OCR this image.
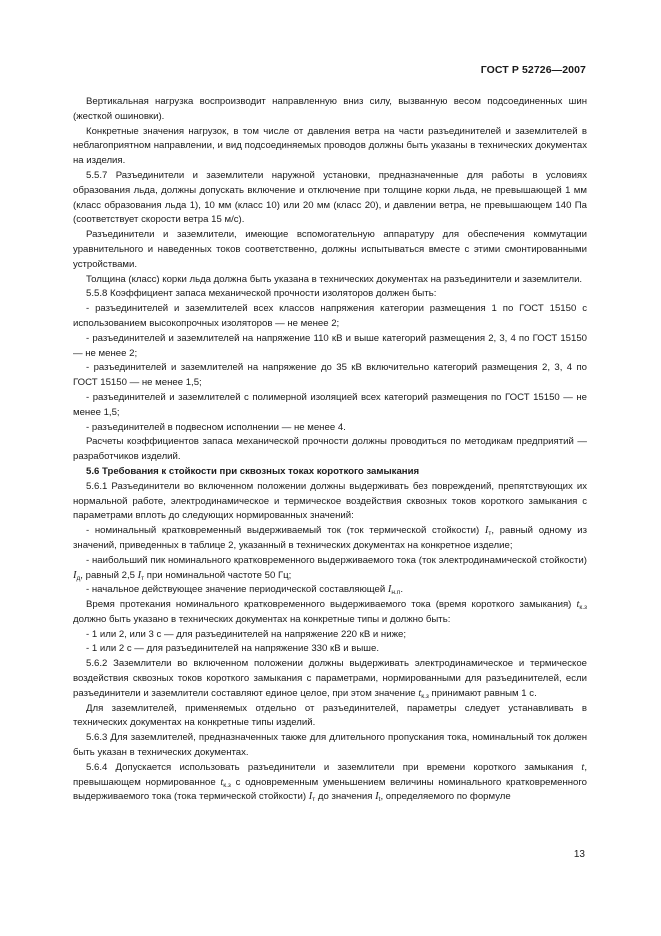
ГОСТ Р 52726—2007

Вертикальная нагрузка воспроизводит направленную вниз силу, вызванную весом подсоединенных шин (жесткой ошиновки).

Конкретные значения нагрузок, в том числе от давления ветра на части разъединителей и заземлителей в неблагоприятном направлении, и вид подсоединяемых проводов должны быть указаны в технических документах на изделия.

5.5.7 Разъединители и заземлители наружной установки, предназначенные для работы в условиях образования льда, должны допускать включение и отключение при толщине корки льда, не превышающей 1 мм (класс образования льда 1), 10 мм (класс 10) или 20 мм (класс 20), и давлении ветра, не превышающем 140 Па (соответствует скорости ветра 15 м/с).

Разъединители и заземлители, имеющие вспомогательную аппаратуру для обеспечения коммутации уравнительного и наведенных токов соответственно, должны испытываться вместе с этими смонтированными устройствами.

Толщина (класс) корки льда должна быть указана в технических документах на разъединители и заземлители.

5.5.8 Коэффициент запаса механической прочности изоляторов должен быть:

- разъединителей и заземлителей всех классов напряжения категории размещения 1 по ГОСТ 15150 с использованием высокопрочных изоляторов — не менее 2;

- разъединителей и заземлителей на напряжение 110 кВ и выше категорий размещения 2, 3, 4 по ГОСТ 15150 — не менее 2;

- разъединителей и заземлителей на напряжение до 35 кВ включительно категорий размещения 2, 3, 4 по ГОСТ 15150 — не менее 1,5;

- разъединителей и заземлителей с полимерной изоляцией всех категорий размещения по ГОСТ 15150 — не менее 1,5;

- разъединителей в подвесном исполнении — не менее 4.

Расчеты коэффициентов запаса механической прочности должны проводиться по методикам предприятий — разработчиков изделий.

5.6 Требования к стойкости при сквозных токах короткого замыкания

5.6.1 Разъединители во включенном положении должны выдерживать без повреждений, препятствующих их нормальной работе, электродинамическое и термическое воздействия сквозных токов короткого замыкания с параметрами вплоть до следующих нормированных значений:

- номинальный кратковременный выдерживаемый ток (ток термической стойкости) $I_т$, равный одному из значений, приведенных в таблице 2, указанный в технических документах на конкретное изделие;

- наибольший пик номинального кратковременного выдерживаемого тока (ток электродинамической стойкости) $I_д$, равный 2,5 $I_т$ при номинальной частоте 50 Гц;

- начальное действующее значение периодической составляющей $I_{н.п}$.

Время протекания номинального кратковременного выдерживаемого тока (время короткого замыкания) $t_{к.з}$ должно быть указано в технических документах на конкретные типы и должно быть:

- 1 или 2, или 3 с — для разъединителей на напряжение 220 кВ и ниже;

- 1 или 2 с — для разъединителей на напряжение 330 кВ и выше.

5.6.2 Заземлители во включенном положении должны выдерживать электродинамическое и термическое воздействия сквозных токов короткого замыкания с параметрами, нормированными для разъединителей, если разъединители и заземлители составляют единое целое, при этом значение $t_{к.з}$ принимают равным 1 с.

Для заземлителей, применяемых отдельно от разъединителей, параметры следует устанавливать в технических документах на конкретные типы изделий.

5.6.3 Для заземлителей, предназначенных также для длительного пропускания тока, номинальный ток должен быть указан в технических документах.

5.6.4 Допускается использовать разъединители и заземлители при времени короткого замыкания t, превышающем нормированное $t_{к.з}$ с одновременным уменьшением величины номинального кратковременного выдерживаемого тока (тока термической стойкости) $I_т$ до значения $I_t$, определяемого по формуле

13
